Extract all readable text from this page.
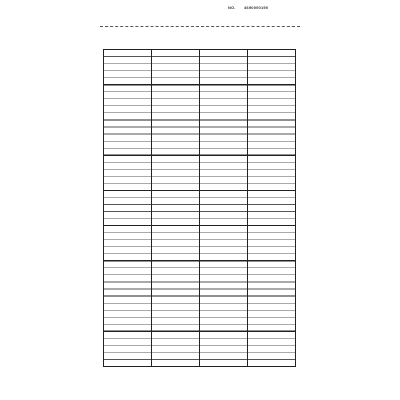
NO. 4690000190
